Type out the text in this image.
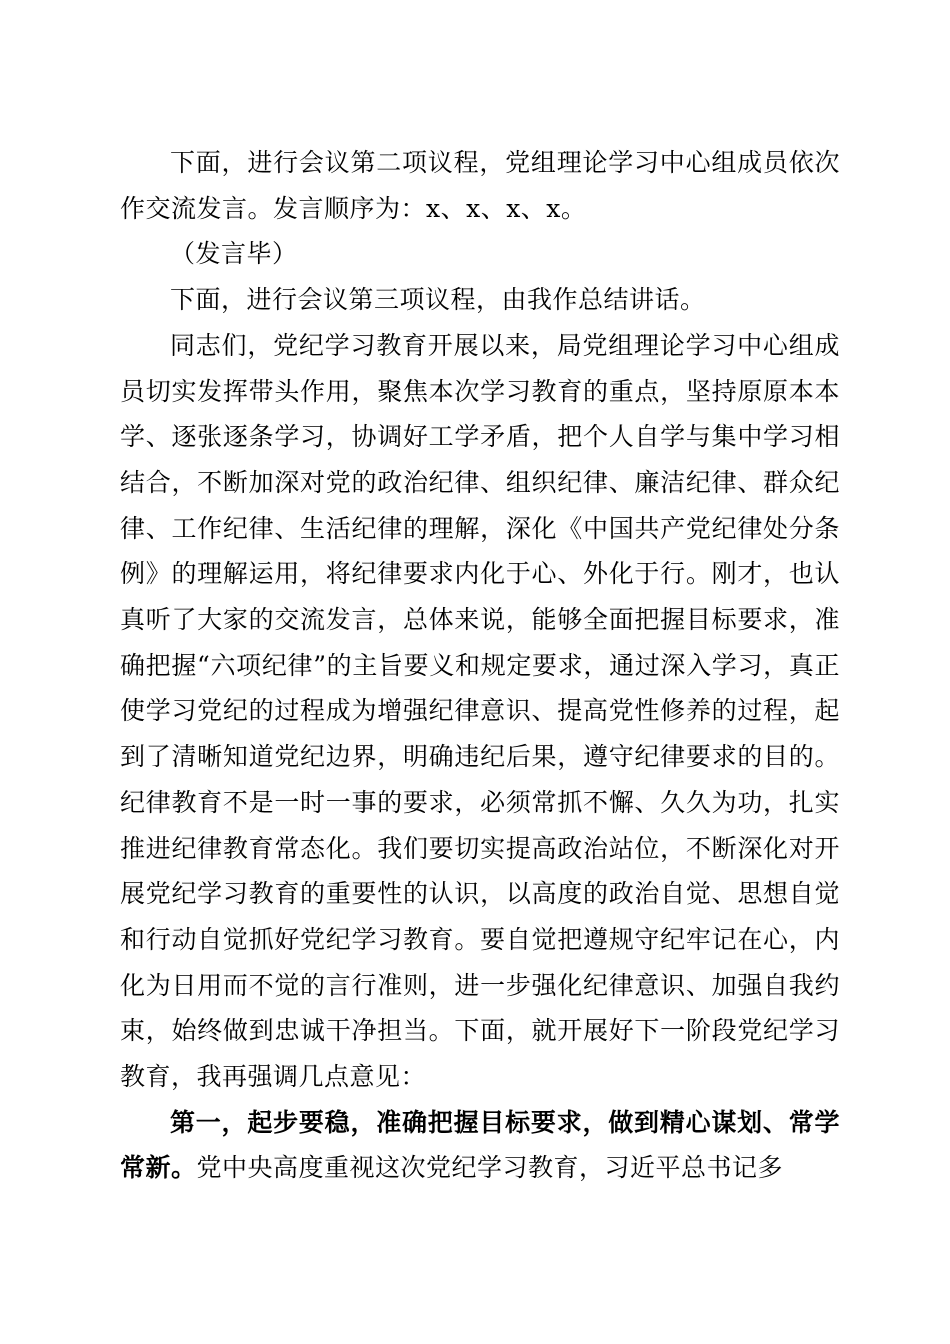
下面，进行会议第二项议程，党组理论学习中心组成员依次作交流发言。发言顺序为：x、x、x、x。

（发言毕）

下面，进行会议第三项议程，由我作总结讲话。

同志们，党纪学习教育开展以来，局党组理论学习中心组成员切实发挥带头作用，聚焦本次学习教育的重点，坚持原原本本学、逐张逐条学习，协调好工学矛盾，把个人自学与集中学习相结合，不断加深对党的政治纪律、组织纪律、廉洁纪律、群众纪律、工作纪律、生活纪律的理解，深化《中国共产党纪律处分条例》的理解运用，将纪律要求内化于心、外化于行。刚才，也认真听了大家的交流发言，总体来说，能够全面把握目标要求，准确把握“六项纪律”的主旨要义和规定要求，通过深入学习，真正使学习党纪的过程成为增强纪律意识、提高党性修养的过程，起到了清晰知道党纪边界，明确违纪后果，遵守纪律要求的目的。纪律教育不是一时一事的要求，必须常抓不懈、久久为功，扎实推进纪律教育常态化。我们要切实提高政治站位，不断深化对开展党纪学习教育的重要性的认识，以高度的政治自觉、思想自觉和行动自觉抓好党纪学习教育。要自觉把遵规守纪牢记在心，内化为日用而不觉的言行准则，进一步强化纪律意识、加强自我约束，始终做到忠诚干净担当。下面，就开展好下一阶段党纪学习教育，我再强调几点意见：

第一，起步要稳，准确把握目标要求，做到精心谋划、常学常新。党中央高度重视这次党纪学习教育，习近平总书记多
